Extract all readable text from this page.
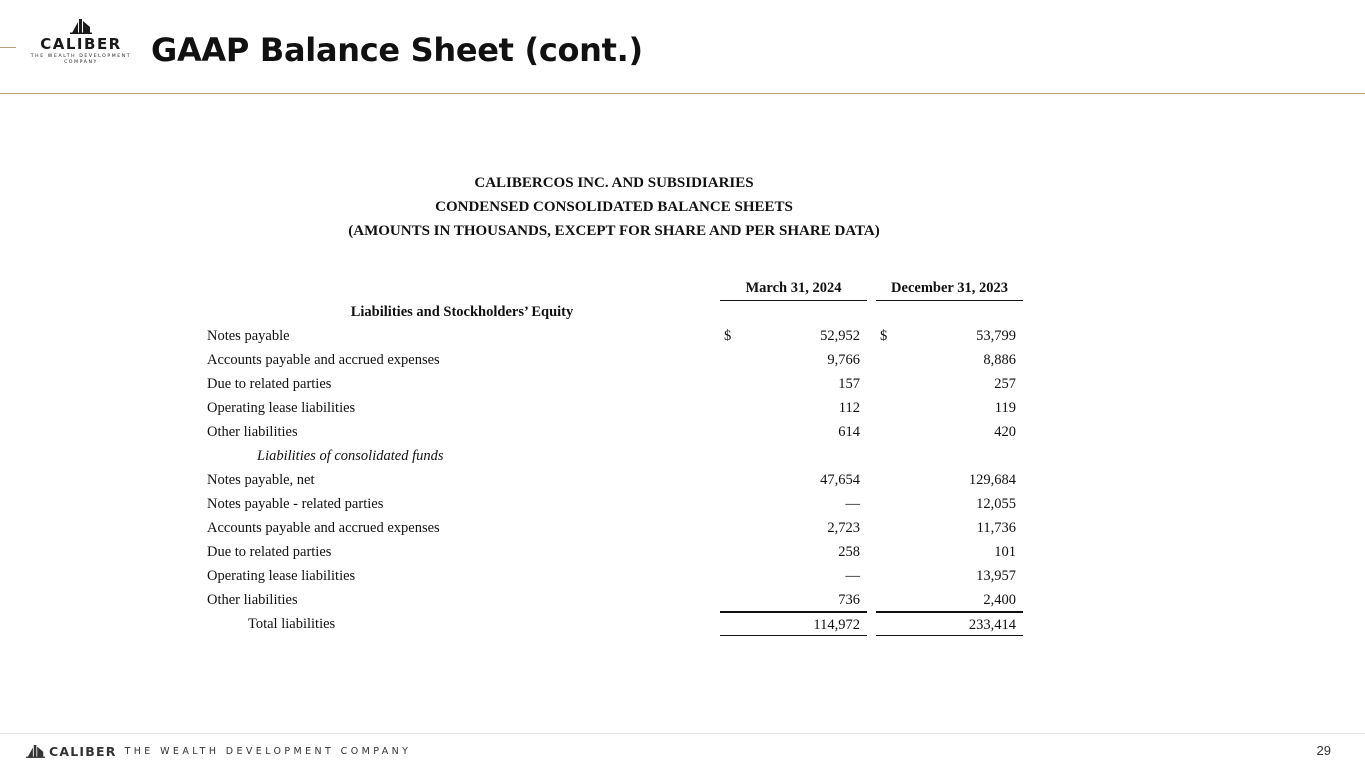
CALIBER
THE WEALTH DEVELOPMENT COMPANY	GAAP Balance Sheet (cont.)
CALIBERCOS INC. AND SUBSIDIARIES
CONDENSED CONSOLIDATED BALANCE SHEETS
(AMOUNTS IN THOUSANDS, EXCEPT FOR SHARE AND PER SHARE DATA)
March 31, 2024	December 31, 2023
Liabilities and Stockholders’ Equity
Notes payable	$	52,952	$	53,799
Accounts payable and accrued expenses	9,766	8,886
Due to related parties	157	257
Operating lease liabilities	112	119
Other liabilities	614	420
Liabilities of consolidated funds
Notes payable, net	47,654	129,684
Notes payable - related parties	—	12,055
Accounts payable and accrued expenses	2,723	11,736
Due to related parties	258	101
Operating lease liabilities	—	13,957
Other liabilities	736	2,400
Total liabilities	114,972	233,414
CALIBER THE WEALTH DEVELOPMENT COMPANY	29
